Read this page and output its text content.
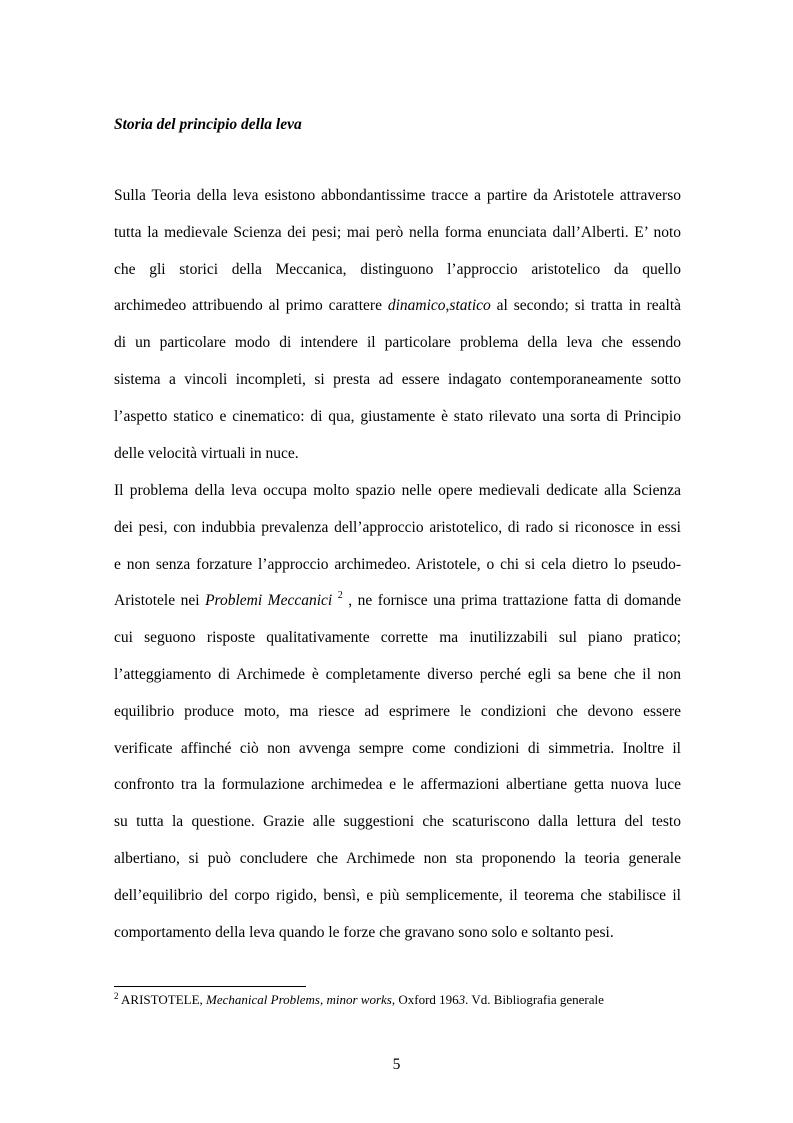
Storia del principio della leva
Sulla Teoria della leva esistono abbondantissime tracce a partire da Aristotele attraverso
tutta la medievale Scienza dei pesi; mai però nella forma enunciata dall’Alberti. E’ noto
che gli storici della Meccanica, distinguono l’approccio aristotelico da quello
archimedeo attribuendo al primo carattere dinamico,statico al secondo; si tratta in realtà
di un particolare modo di intendere il particolare problema della leva che essendo
sistema a vincoli incompleti, si presta ad essere indagato contemporaneamente sotto
l’aspetto statico e cinematico: di qua, giustamente è stato rilevato una sorta di Principio
delle velocità virtuali in nuce.
Il problema della leva occupa molto spazio nelle opere medievali dedicate alla Scienza
dei pesi, con indubbia prevalenza dell’approccio aristotelico, di rado si riconosce in essi
e non senza forzature l’approccio archimedeo. Aristotele, o chi si cela dietro lo pseudo-
Aristotele nei Problemi Meccanici $^2$ , ne fornisce una prima trattazione fatta di domande
cui seguono risposte qualitativamente corrette ma inutilizzabili sul piano pratico;
l’atteggiamento di Archimede è completamente diverso perché egli sa bene che il non
equilibrio produce moto, ma riesce ad esprimere le condizioni che devono essere
verificate affinché ciò non avvenga sempre come condizioni di simmetria. Inoltre il
confronto tra la formulazione archimedea e le affermazioni albertiane getta nuova luce
su tutta la questione. Grazie alle suggestioni che scaturiscono dalla lettura del testo
albertiano, si può concludere che Archimede non sta proponendo la teoria generale
dell’equilibrio del corpo rigido, bensì, e più semplicemente, il teorema che stabilisce il
comportamento della leva quando le forze che gravano sono solo e soltanto pesi.
$^2$ ARISTOTELE, Mechanical Problems, minor works, Oxford 1963. Vd. Bibliografia generale
5
